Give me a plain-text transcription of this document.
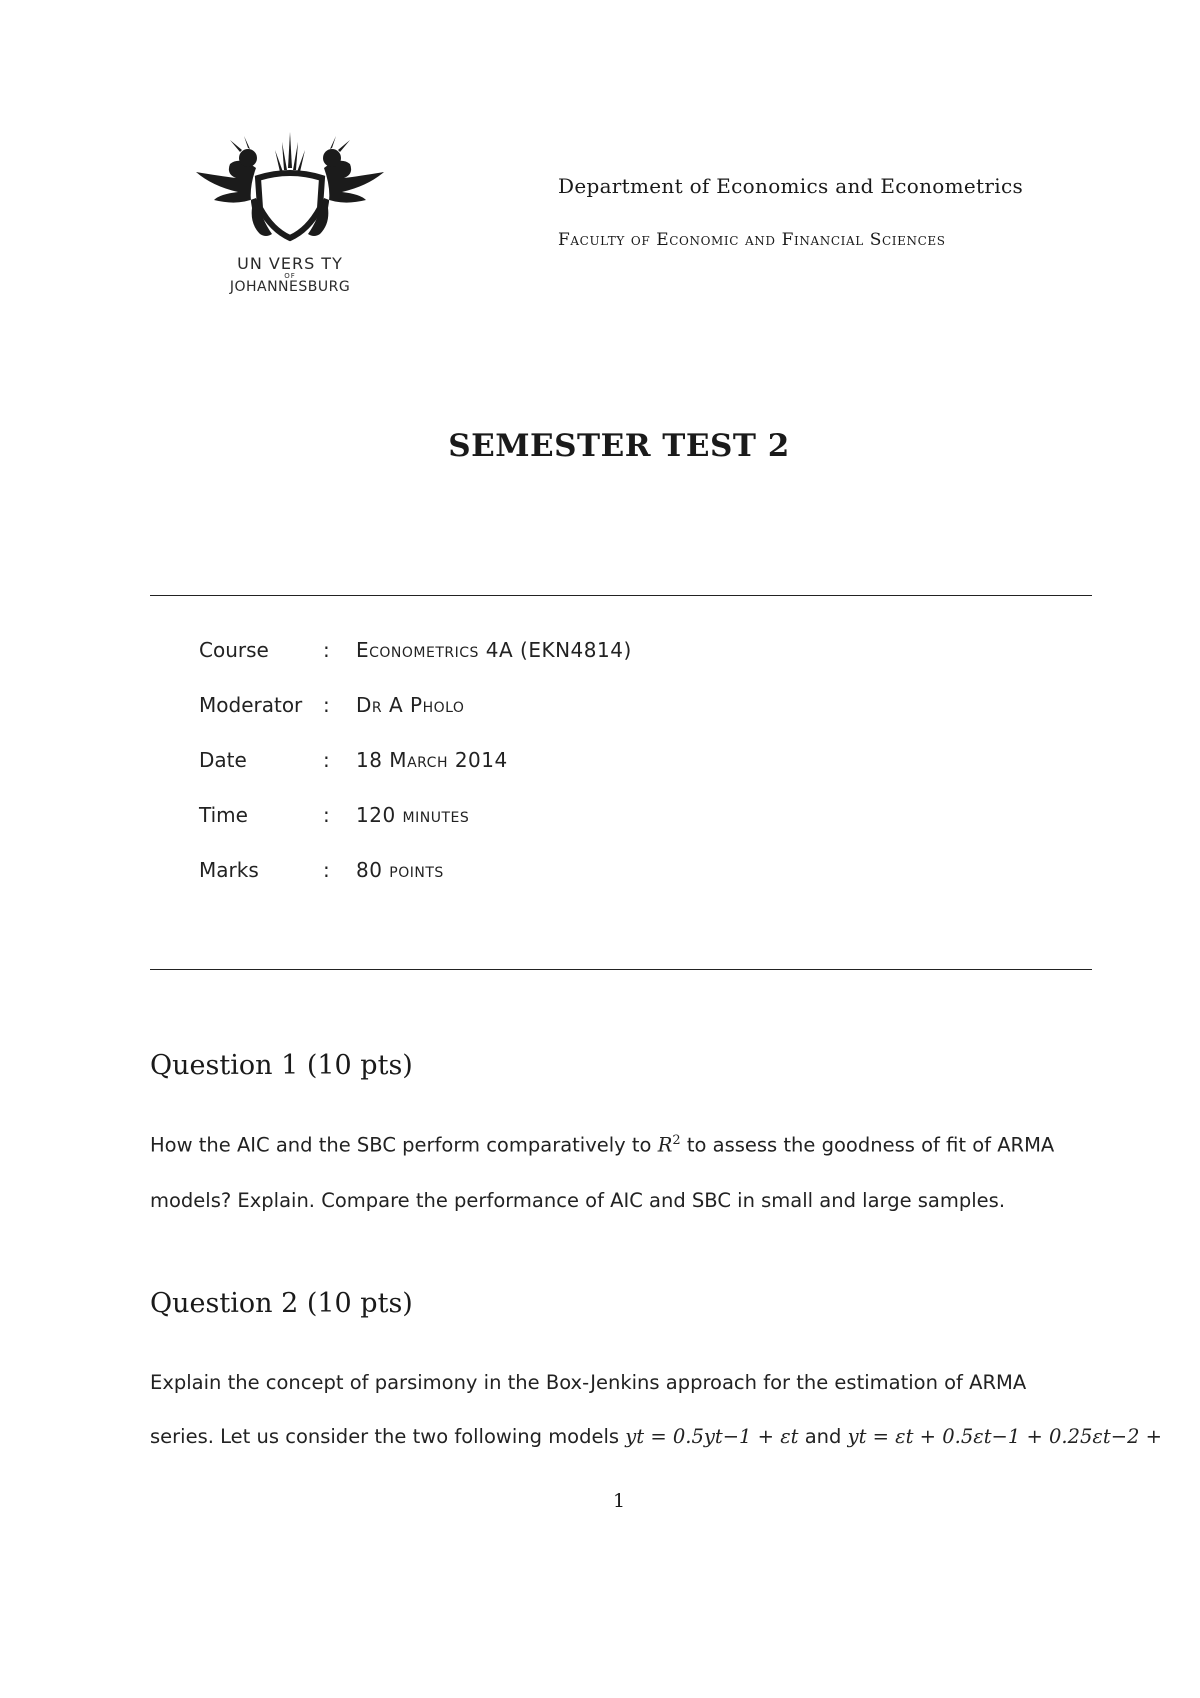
UN VERS TY
OF
JOHANNESBURG
Department of Economics and Econometrics
Faculty of Economic and Financial Sciences
SEMESTER TEST 2
Course	: Econometrics 4A (EKN4814)
Moderator	: Dr A Pholo
Date	: 18 March 2014
Time	: 120 minutes
Marks	: 80 points
Question 1 (10 pts)
How the AIC and the SBC perform comparatively to $R^2$ to assess the goodness of fit of ARMA
models? Explain. Compare the performance of AIC and SBC in small and large samples.
Question 2 (10 pts)
Explain the concept of parsimony in the Box-Jenkins approach for the estimation of ARMA
series. Let us consider the two following models yt = 0.5yt−1 + εt and yt = εt + 0.5εt−1 + 0.25εt−2 +
1
